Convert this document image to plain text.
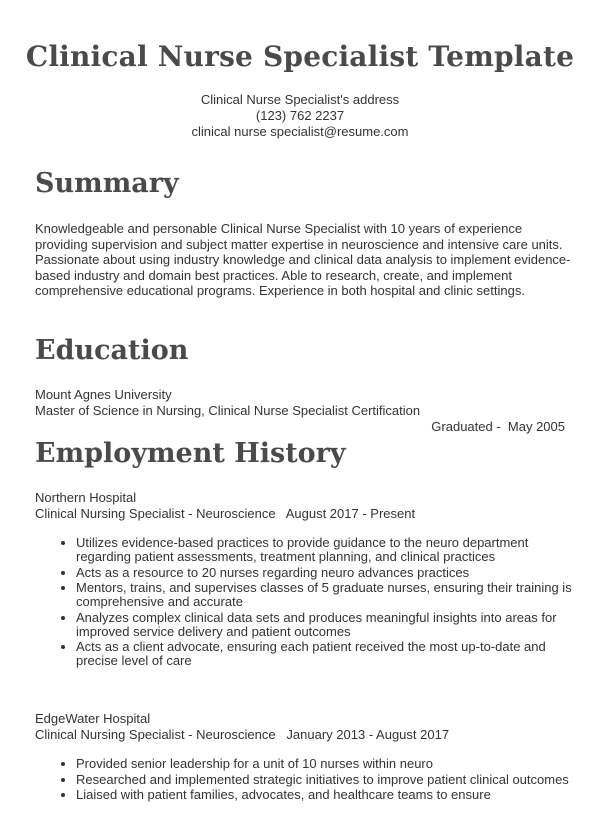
Clinical Nurse Specialist Template
Clinical Nurse Specialist's address
(123) 762 2237
clinical nurse specialist@resume.com
Summary

Knowledgeable and personable Clinical Nurse Specialist with 10 years of experience providing supervision and subject matter expertise in neuroscience and intensive care units. Passionate about using industry knowledge and clinical data analysis to implement evidence-based industry and domain best practices. Able to research, create, and implement comprehensive educational programs. Experience in both hospital and clinic settings.

Education
Mount Agnes University
Master of Science in Nursing, Clinical Nurse Specialist Certification
Graduated -  May 2005
Employment History
Northern Hospital
Clinical Nursing Specialist - Neuroscience   August 2017 - Present
• Utilizes evidence-based practices to provide guidance to the neuro department regarding patient assessments, treatment planning, and clinical practices
• Acts as a resource to 20 nurses regarding neuro advances practices
• Mentors, trains, and supervises classes of 5 graduate nurses, ensuring their training is comprehensive and accurate
• Analyzes complex clinical data sets and produces meaningful insights into areas for improved service delivery and patient outcomes
• Acts as a client advocate, ensuring each patient received the most up-to-date and precise level of care
EdgeWater Hospital
Clinical Nursing Specialist - Neuroscience   January 2013 - August 2017
• Provided senior leadership for a unit of 10 nurses within neuro
• Researched and implemented strategic initiatives to improve patient clinical outcomes
• Liaised with patient families, advocates, and healthcare teams to ensure
